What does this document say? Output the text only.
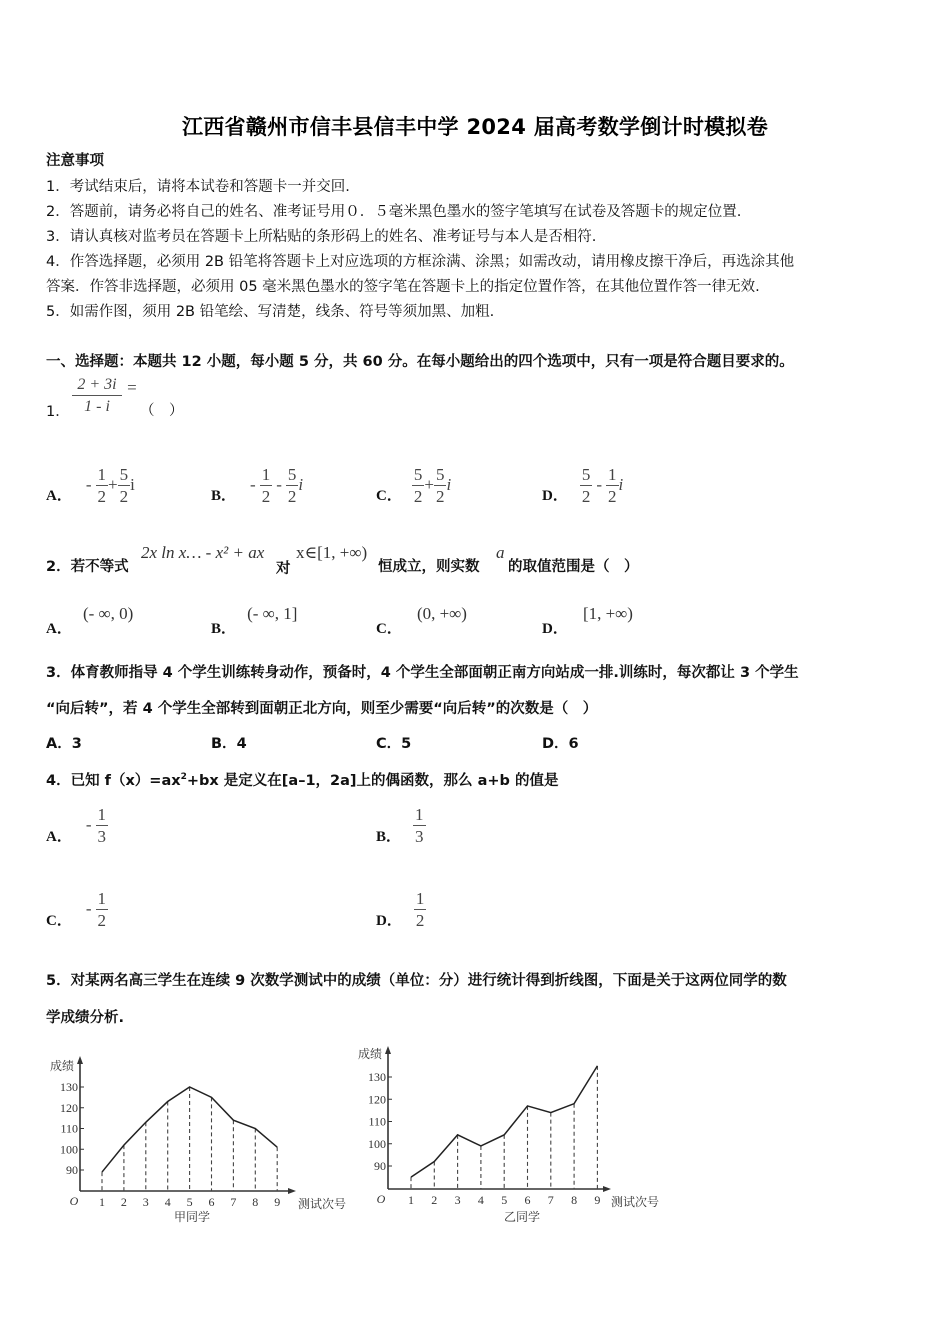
江西省赣州市信丰县信丰中学 2024 届高考数学倒计时模拟卷
注意事项
1．考试结束后，请将本试卷和答题卡一并交回.
2．答题前，请务必将自己的姓名、准考证号用０．５毫米黑色墨水的签字笔填写在试卷及答题卡的规定位置.
3．请认真核对监考员在答题卡上所粘贴的条形码上的姓名、准考证号与本人是否相符.
4．作答选择题，必须用 2B 铅笔将答题卡上对应选项的方框涂满、涂黑；如需改动，请用橡皮擦干净后，再选涂其他
答案．作答非选择题，必须用 05 毫米黑色墨水的签字笔在答题卡上的指定位置作答，在其他位置作答一律无效.
5．如需作图，须用 2B 铅笔绘、写清楚，线条、符号等须加黑、加粗.
一、选择题：本题共 12 小题，每小题 5 分，共 60 分。在每小题给出的四个选项中，只有一项是符合题目要求的。
1． $\frac{2 + 3i}{1 - i}$ =
（　）
A．
- $\frac{1}{2} + \frac{5}{2}$ i
B．
- $\frac{1}{2} - \frac{5}{2}$ i
C． $\frac{5}{2} + \frac{5}{2}$ i
D． $\frac{5}{2} - \frac{1}{2}$ i
2．若不等式
2x ln x… - x² + ax
对
x∈[1, +∞)
恒成立，则实数
a
的取值范围是（　）
A． (- ∞, 0)
B． (- ∞, 1]
C． (0, +∞)
D． [1, +∞)
3．体育教师指导 4 个学生训练转身动作，预备时，4 个学生全部面朝正南方向站成一排.训练时，每次都让 3 个学生
“向后转”，若 4 个学生全部转到面朝正北方向，则至少需要“向后转”的次数是（　）
A．3	B．4	C．5	D．6
4．已知 $f(x)=ax^2+bx$ 是定义在[a–1，2a]上的偶函数，那么 a+b 的值是
A．
- $\frac{1}{3}$	B． $\frac{1}{3}$
C．
- $\frac{1}{2}$	D． $\frac{1}{2}$
5．对某两名高三学生在连续 9 次数学测试中的成绩（单位：分）进行统计得到折线图，下面是关于这两位同学的数
学成绩分析.
90
100
110
120
130
1 2 3 4 5 6 7 8 9
O
成绩
测试次号
甲同学
90
100
110
120
130
1 2 3 4 5 6 7 8 9
O
成绩
测试次号
乙同学
